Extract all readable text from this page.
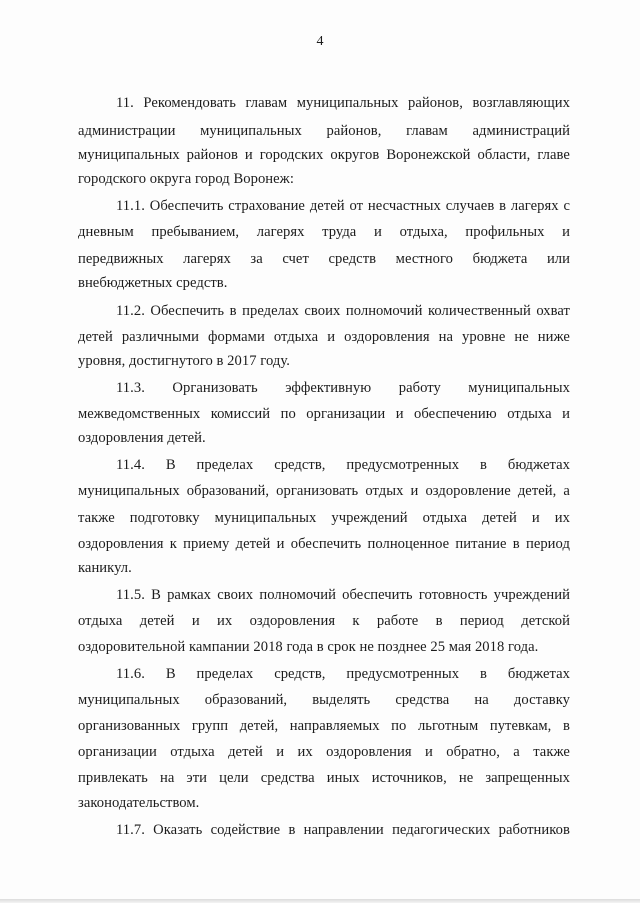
4
11. Рекомендовать главам муниципальных районов, возглавляющих
администрации муниципальных районов, главам администраций
муниципальных районов и городских округов Воронежской области, главе
городского округа город Воронеж:
11.1. Обеспечить страхование детей от несчастных случаев в лагерях с
дневным пребыванием, лагерях труда и отдыха, профильных и
передвижных лагерях за счет средств местного бюджета или
внебюджетных средств.
11.2. Обеспечить в пределах своих полномочий количественный охват
детей различными формами отдыха и оздоровления на уровне не ниже
уровня, достигнутого в 2017 году.
11.3. Организовать эффективную работу муниципальных
межведомственных комиссий по организации и обеспечению отдыха и
оздоровления детей.
11.4. В пределах средств, предусмотренных в бюджетах
муниципальных образований, организовать отдых и оздоровление детей, а
также подготовку муниципальных учреждений отдыха детей и их
оздоровления к приему детей и обеспечить полноценное питание в период
каникул.
11.5. В рамках своих полномочий обеспечить готовность учреждений
отдыха детей и их оздоровления к работе в период детской
оздоровительной кампании 2018 года в срок не позднее 25 мая 2018 года.
11.6. В пределах средств, предусмотренных в бюджетах
муниципальных образований, выделять средства на доставку
организованных групп детей, направляемых по льготным путевкам, в
организации отдыха детей и их оздоровления и обратно, а также
привлекать на эти цели средства иных источников, не запрещенных
законодательством.
11.7. Оказать содействие в направлении педагогических работников
